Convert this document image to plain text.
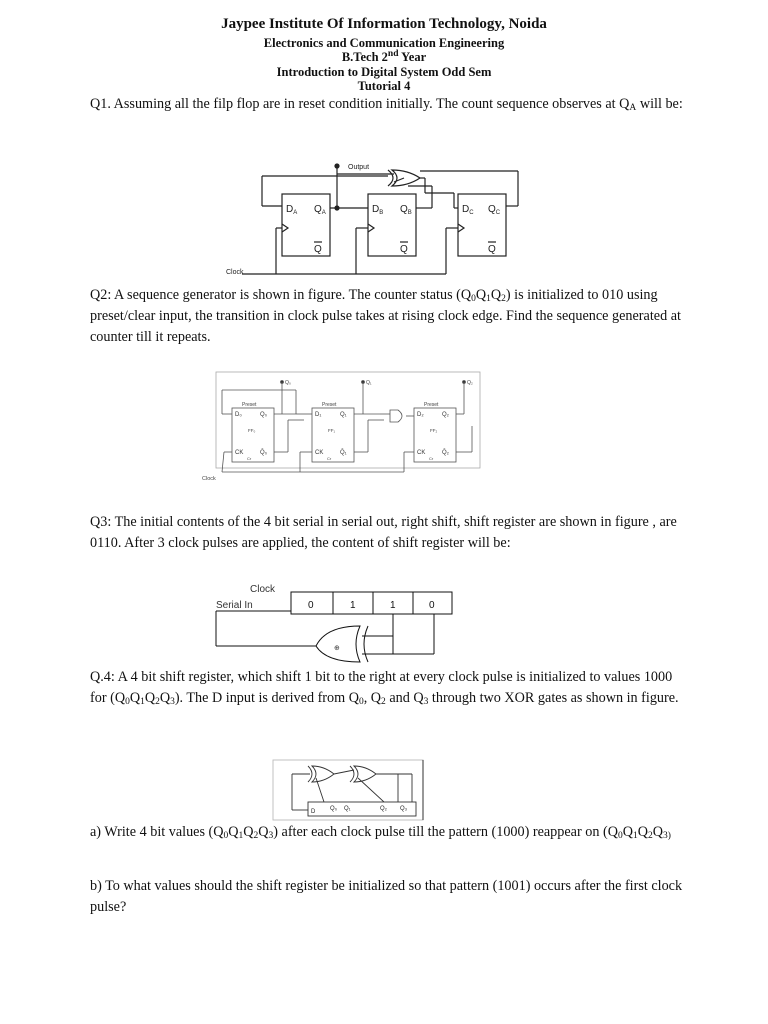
Jaypee Institute Of Information Technology, Noida
Electronics and Communication Engineering
B.Tech 2nd Year
Introduction to Digital System Odd Sem
Tutorial 4
Q1. Assuming all the filp flop are in reset condition initially. The count sequence observes at $Q_A$ will be:
Output
$D_A$ $Q_A$
Q
$D_B$ $Q_B$
Q
$D_C$ $Q_C$
Q
Clock
Q2: A sequence generator is shown in figure. The counter status $(Q_0Q_1Q_2)$ is initialized to 010 using preset/clear input, the transition in clock pulse takes at rising clock edge. Find the sequence generated at counter till it repeats.
Preset
D₀	Q₀
FF₀
CK
Cr
Q̄₀
Preset
D₁	Q₁
FF₁
CK
Cr
Q̄₁
Preset
D₂	Q₂
FF₂
CK
Cr
Q̄₂
Q₀	Q₁	Q₂
Clock
Q3: The initial contents of the 4 bit serial in serial out, right shift, shift register are shown in figure , are 0110. After 3 clock pulses are applied, the content of shift register will be:
Clock
Serial In	0	1	1	0
⊕
Q.4: A 4 bit shift register, which shift 1 bit to the right at every clock pulse is initialized to values 1000 for $(Q_0Q_1Q_2Q_3)$. The D input is derived from $Q_0$, $Q_2$ and $Q_3$ through two XOR gates as shown in figure.
D Q₀ Q₁	Q₂ Q₃
a) Write 4 bit values $(Q_0Q_1Q_2Q_3)$ after each clock pulse till the pattern (1000) reappear on ($Q_0Q_1Q_2Q_{3)}$
b) To what values should the shift register be initialized so that pattern (1001) occurs after the first clock pulse?
